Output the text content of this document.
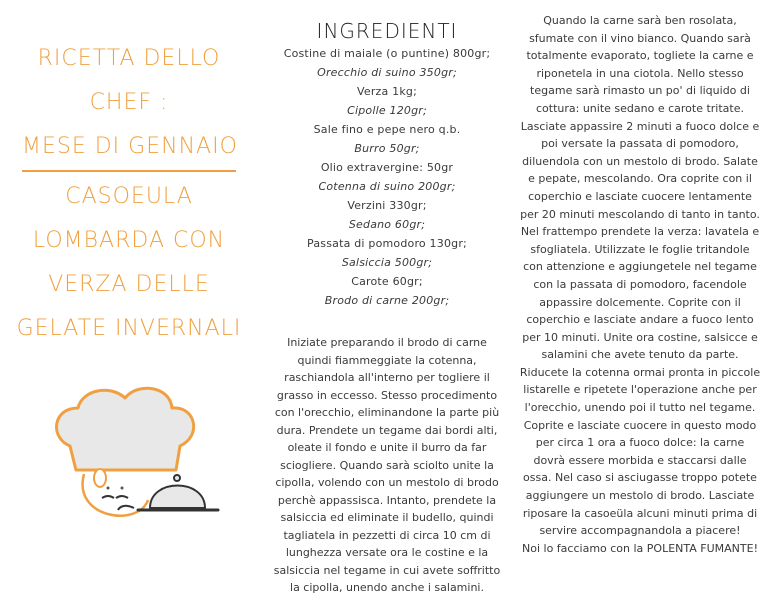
RICETTA DELLO
CHEF :
MESE DI GENNAIO
CASOEULA
LOMBARDA CON
VERZA DELLE
GELATE INVERNALI
INGREDIENTI
Costine di maiale (o puntine) 800gr;
Orecchio di suino 350gr;
Verza 1kg;
Cipolle 120gr;
Sale fino e pepe nero q.b.
Burro 50gr;
Olio extravergine: 50gr
Cotenna di suino 200gr;
Verzini 330gr;
Sedano 60gr;
Passata di pomodoro 130gr;
Salsiccia 500gr;
Carote 60gr;
Brodo di carne 200gr;

Iniziate preparando il brodo di carne quindi fiammeggiate la cotenna, raschiandola all'interno per togliere il grasso in eccesso. Stesso procedimento con l'orecchio, eliminandone la parte più dura. Prendete un tegame dai bordi alti, oleate il fondo e unite il burro da far sciogliere. Quando sarà sciolto unite la cipolla, volendo con un mestolo di brodo perchè appassisca. Intanto, prendete la salsiccia ed eliminate il budello, quindi tagliatela in pezzetti di circa 10 cm di lunghezza versate ora le costine e la salsiccia nel tegame in cui avete soffritto la cipolla, unendo anche i salamini.

Quando la carne sarà ben rosolata, sfumate con il vino bianco. Quando sarà totalmente evaporato, togliete la carne e riponetela in una ciotola. Nello stesso tegame sarà rimasto un po' di liquido di cottura: unite sedano e carote tritate. Lasciate appassire 2 minuti a fuoco dolce e poi versate la passata di pomodoro, diluendola con un mestolo di brodo. Salate e pepate, mescolando. Ora coprite con il coperchio e lasciate cuocere lentamente per 20 minuti mescolando di tanto in tanto. Nel frattempo prendete la verza: lavatela e sfogliatela. Utilizzate le foglie tritandole con attenzione e aggiungetele nel tegame con la passata di pomodoro, facendole appassire dolcemente. Coprite con il coperchio e lasciate andare a fuoco lento per 10 minuti. Unite ora costine, salsicce e salamini che avete tenuto da parte. Riducete la cotenna ormai pronta in piccole listarelle e ripetete l'operazione anche per l'orecchio, unendo poi il tutto nel tegame. Coprite e lasciate cuocere in questo modo per circa 1 ora a fuoco dolce: la carne dovrà essere morbida e staccarsi dalle ossa. Nel caso si asciugasse troppo potete aggiungere un mestolo di brodo. Lasciate riposare la casoeüla alcuni minuti prima di servire accompagnandola a piacere!

Noi lo facciamo con la POLENTA FUMANTE!
